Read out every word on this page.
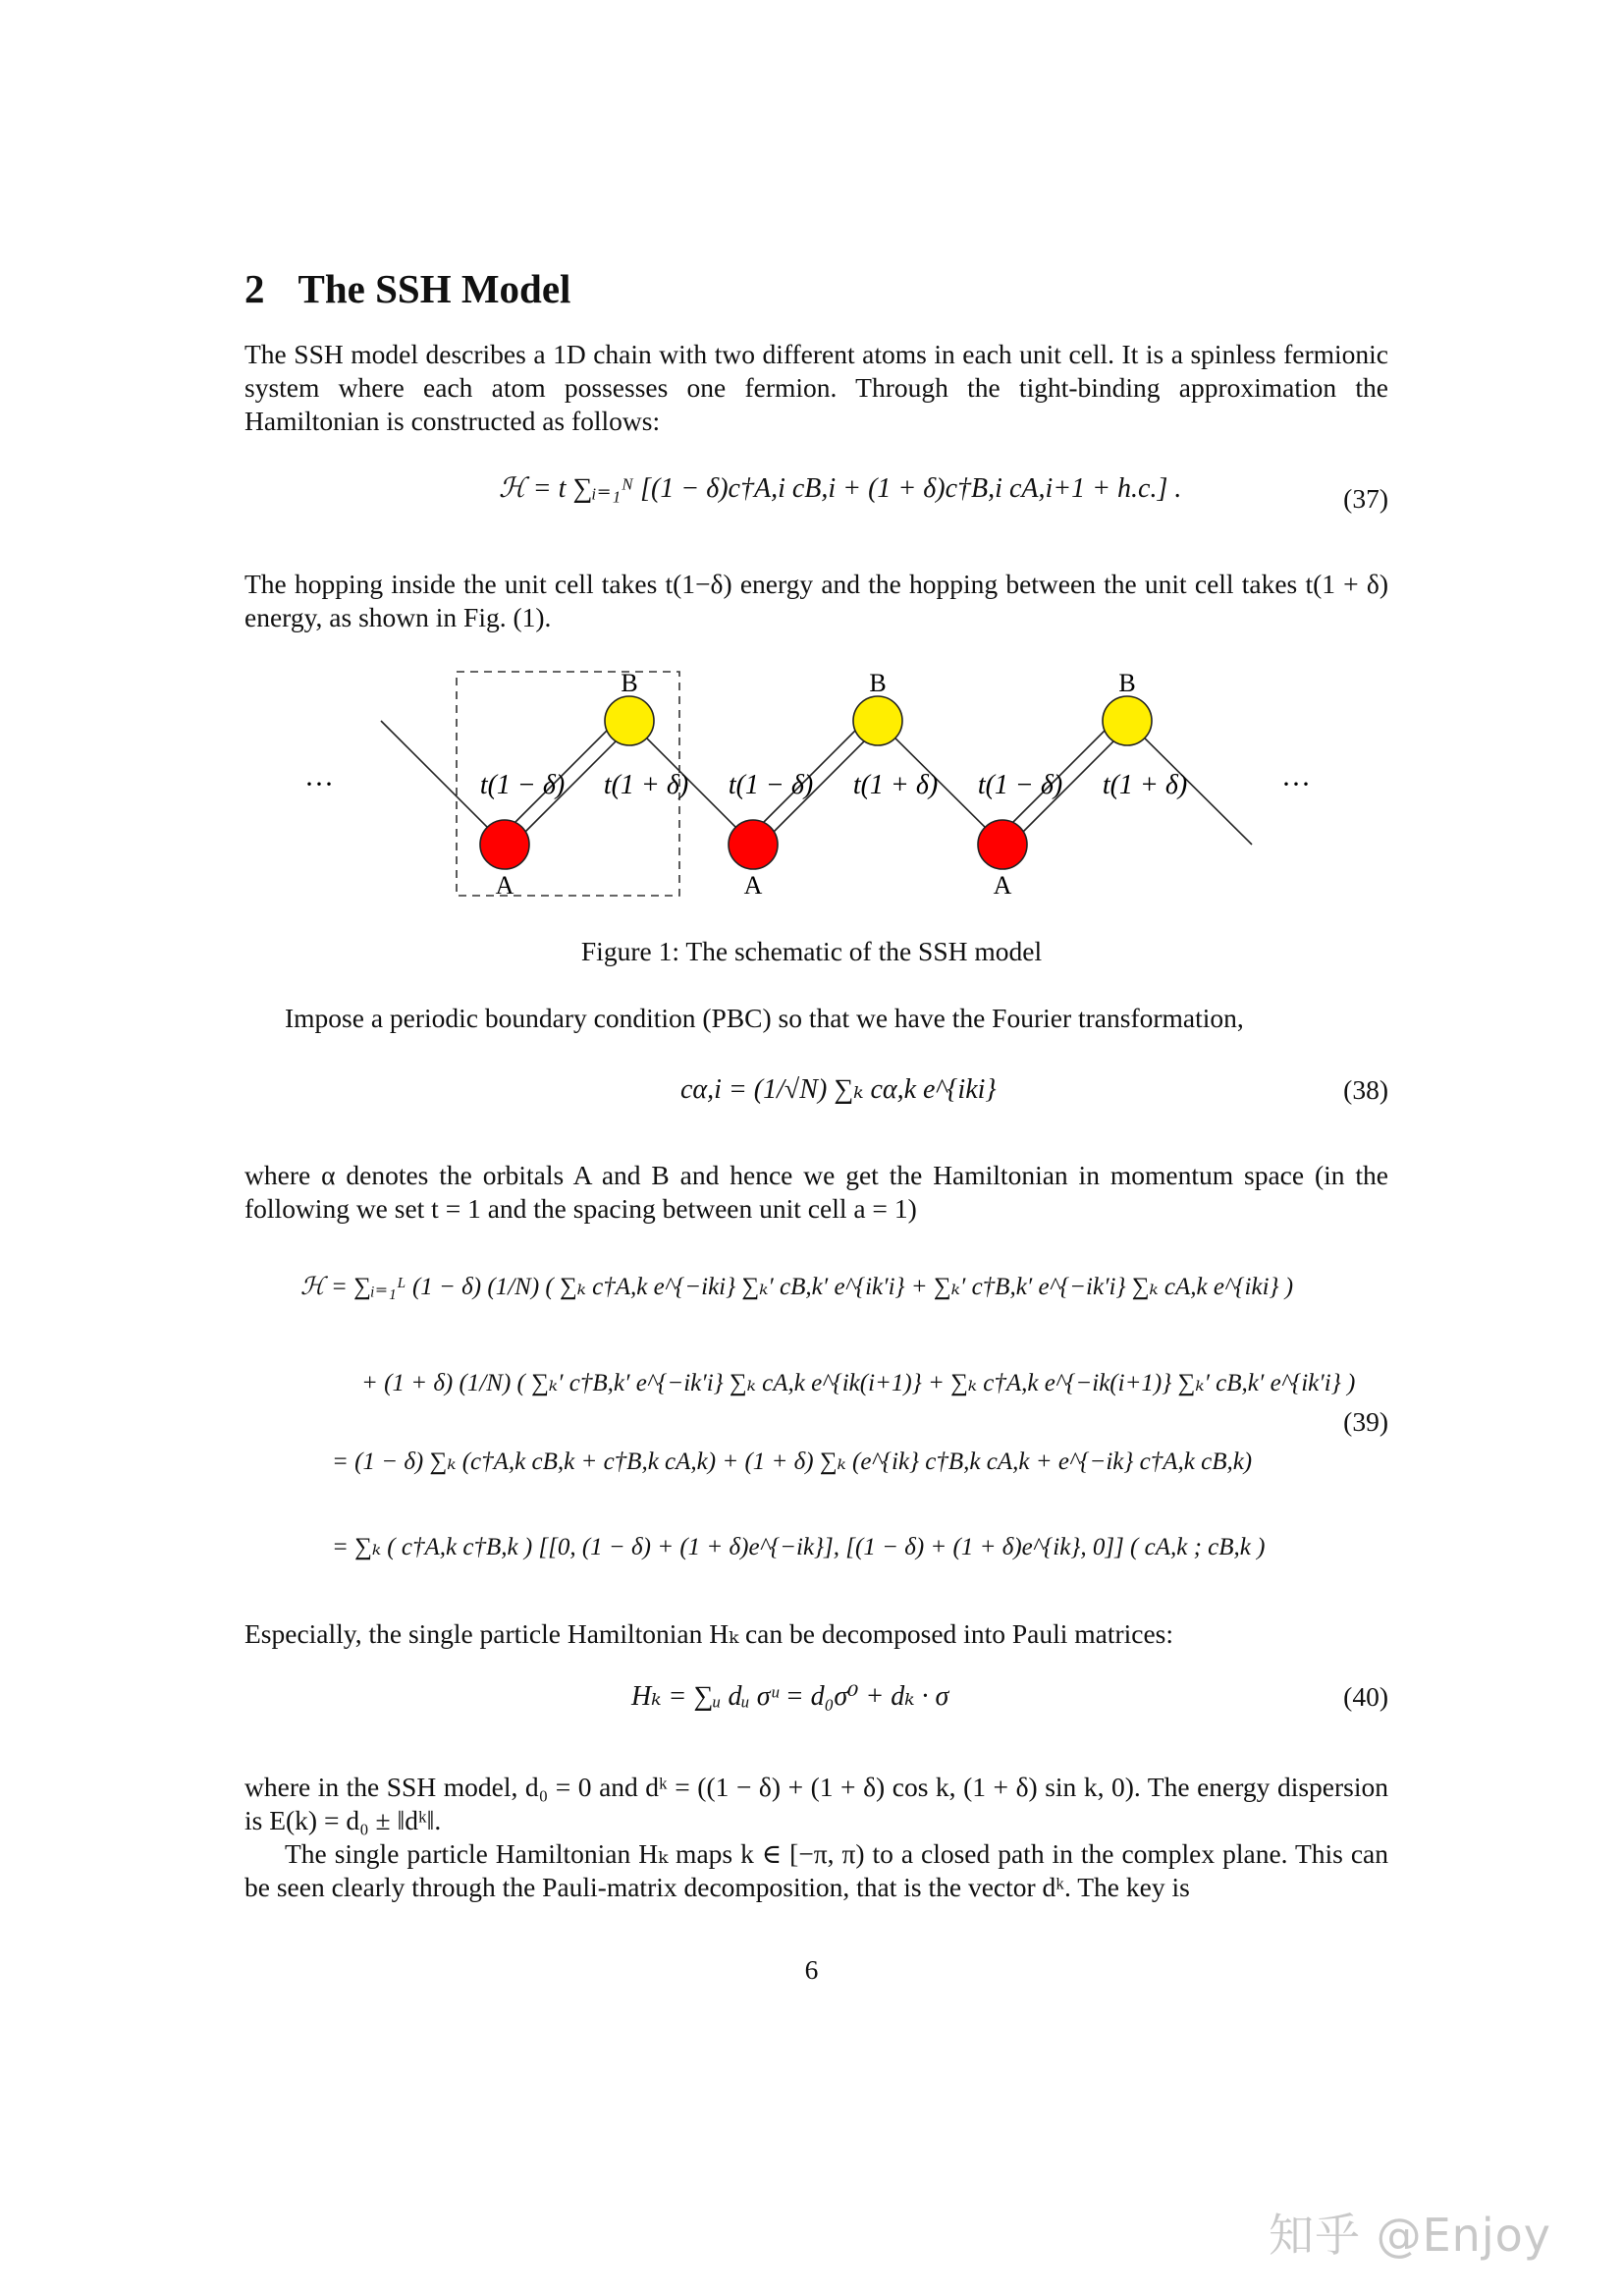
2 The SSH Model
The SSH model describes a 1D chain with two different atoms in each unit cell. It is a spinless fermionic system where each atom possesses one fermion. Through the tight-binding approximation the Hamiltonian is constructed as follows:
ℋ = t ∑ᵢ₌₁ᴺ [(1 − δ)c†A,i cB,i + (1 + δ)c†B,i cA,i+1 + h.c.] .	(37)
The hopping inside the unit cell takes t(1−δ) energy and the hopping between the unit cell takes t(1 + δ) energy, as shown in Fig. (1).
B	B	B
A	A	A
t(1 − δ) t(1 + δ) t(1 − δ) t(1 + δ) t(1 − δ) t(1 + δ)
···	···
Figure 1: The schematic of the SSH model
Impose a periodic boundary condition (PBC) so that we have the Fourier transformation,
cα,i = (1/√N) ∑ₖ cα,k e^{iki}	(38)
where α denotes the orbitals A and B and hence we get the Hamiltonian in momentum space (in the following we set t = 1 and the spacing between unit cell a = 1)
ℋ = ∑ᵢ₌₁ᴸ (1 − δ) (1/N) ( ∑ₖ c†A,k e^{−iki} ∑ₖ′ cB,k′ e^{ik′i} + ∑ₖ′ c†B,k′ e^{−ik′i} ∑ₖ cA,k e^{iki} )
+ (1 + δ) (1/N) ( ∑ₖ′ c†B,k′ e^{−ik′i} ∑ₖ cA,k e^{ik(i+1)} + ∑ₖ c†A,k e^{−ik(i+1)} ∑ₖ′ cB,k′ e^{ik′i} )
= (1 − δ) ∑ₖ (c†A,k cB,k + c†B,k cA,k) + (1 + δ) ∑ₖ (e^{ik} c†B,k cA,k + e^{−ik} c†A,k cB,k)
= ∑ₖ ( c†A,k c†B,k ) [[0, (1 − δ) + (1 + δ)e^{−ik}], [(1 − δ) + (1 + δ)e^{ik}, 0]] ( cA,k ; cB,k )
(39)
Especially, the single particle Hamiltonian Hₖ can be decomposed into Pauli matrices:
Hₖ = ∑ᵤ dᵤ σᵘ = d₀σ⁰ + dₖ · σ	(40)
where in the SSH model, d₀ = 0 and dᵏ = ((1 − δ) + (1 + δ) cos k, (1 + δ) sin k, 0). The energy dispersion is E(k) = d₀ ± ‖dᵏ‖.
The single particle Hamiltonian Hₖ maps k ∈ [−π, π) to a closed path in the complex plane. This can be seen clearly through the Pauli-matrix decomposition, that is the vector dᵏ. The key is
6
知乎 @Enjoy
